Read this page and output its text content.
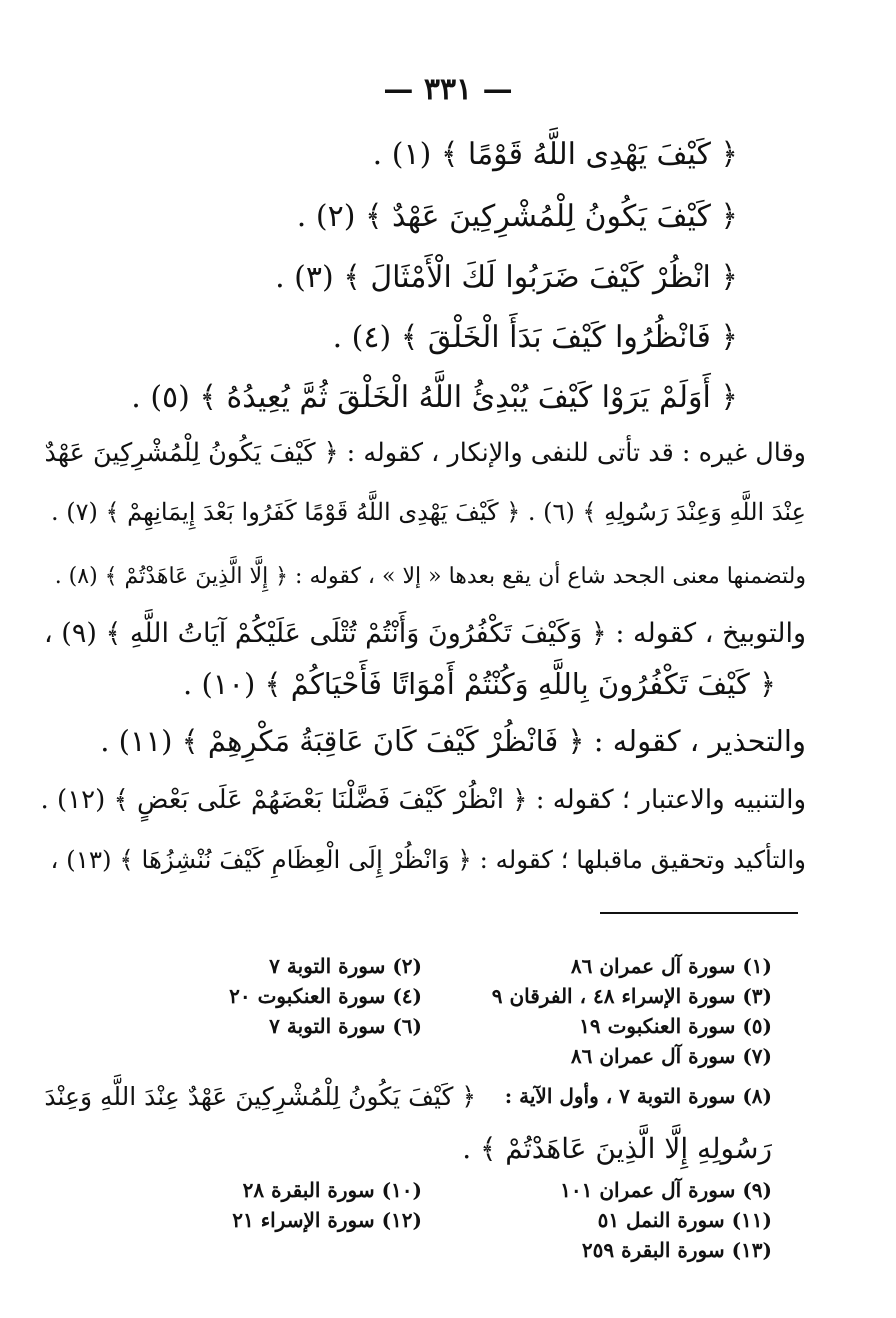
— ٣٣١ —
﴿ كَيْفَ يَهْدِى اللَّهُ قَوْمًا ﴾ (١) .
﴿ كَيْفَ يَكُونُ لِلْمُشْرِكِينَ عَهْدٌ ﴾ (٢) .
﴿ انْظُرْ كَيْفَ ضَرَبُوا لَكَ الْأَمْثَالَ ﴾ (٣) .
﴿ فَانْظُرُوا كَيْفَ بَدَأَ الْخَلْقَ ﴾ (٤) .
﴿ أَوَلَمْ يَرَوْا كَيْفَ يُبْدِئُ اللَّهُ الْخَلْقَ ثُمَّ يُعِيدُهُ ﴾ (٥) .
وقال غيره : قد تأتى للنفى والإنكار ، كقوله : ﴿ كَيْفَ يَكُونُ لِلْمُشْرِكِينَ عَهْدٌ
عِنْدَ اللَّهِ وَعِنْدَ رَسُولِهِ ﴾ (٦) . ﴿ كَيْفَ يَهْدِى اللَّهُ قَوْمًا كَفَرُوا بَعْدَ إِيمَانِهِمْ ﴾ (٧) .
ولتضمنها معنى الجحد شاع أن يقع بعدها « إلا » ، كقوله : ﴿ إِلَّا الَّذِينَ عَاهَدْتُمْ ﴾ (٨) .
والتوبيخ ، كقوله : ﴿ وَكَيْفَ تَكْفُرُونَ وَأَنْتُمْ تُتْلَى عَلَيْكُمْ آيَاتُ اللَّهِ ﴾ (٩) ،
﴿ كَيْفَ تَكْفُرُونَ بِاللَّهِ وَكُنْتُمْ أَمْوَاتًا فَأَحْيَاكُمْ ﴾ (١٠) .
والتحذير ، كقوله : ﴿ فَانْظُرْ كَيْفَ كَانَ عَاقِبَةُ مَكْرِهِمْ ﴾ (١١) .
والتنبيه والاعتبار ؛ كقوله : ﴿ انْظُرْ كَيْفَ فَضَّلْنَا بَعْضَهُمْ عَلَى بَعْضٍ ﴾ (١٢) .
والتأكيد وتحقيق ماقبلها ؛ كقوله : ﴿ وَانْظُرْ إِلَى الْعِظَامِ كَيْفَ نُنْشِزُهَا ﴾ (١٣) ،
(١) سورة آل عمران ٨٦
(٣) سورة الإسراء ٤٨ ، الفرقان ٩
(٥) سورة العنكبوت ١٩
(٧) سورة آل عمران ٨٦
(٢) سورة التوبة ٧
(٤) سورة العنكبوت ٢٠
(٦) سورة التوبة ٧
(٨) سورة التوبة ٧ ، وأول الآية :
﴿ كَيْفَ يَكُونُ لِلْمُشْرِكِينَ عَهْدٌ عِنْدَ اللَّهِ وَعِنْدَ
رَسُولِهِ إِلَّا الَّذِينَ عَاهَدْتُمْ ﴾ .
(٩) سورة آل عمران ١٠١
(١١) سورة النمل ٥١
(١٣) سورة البقرة ٢٥٩
(١٠) سورة البقرة ٢٨
(١٢) سورة الإسراء ٢١
